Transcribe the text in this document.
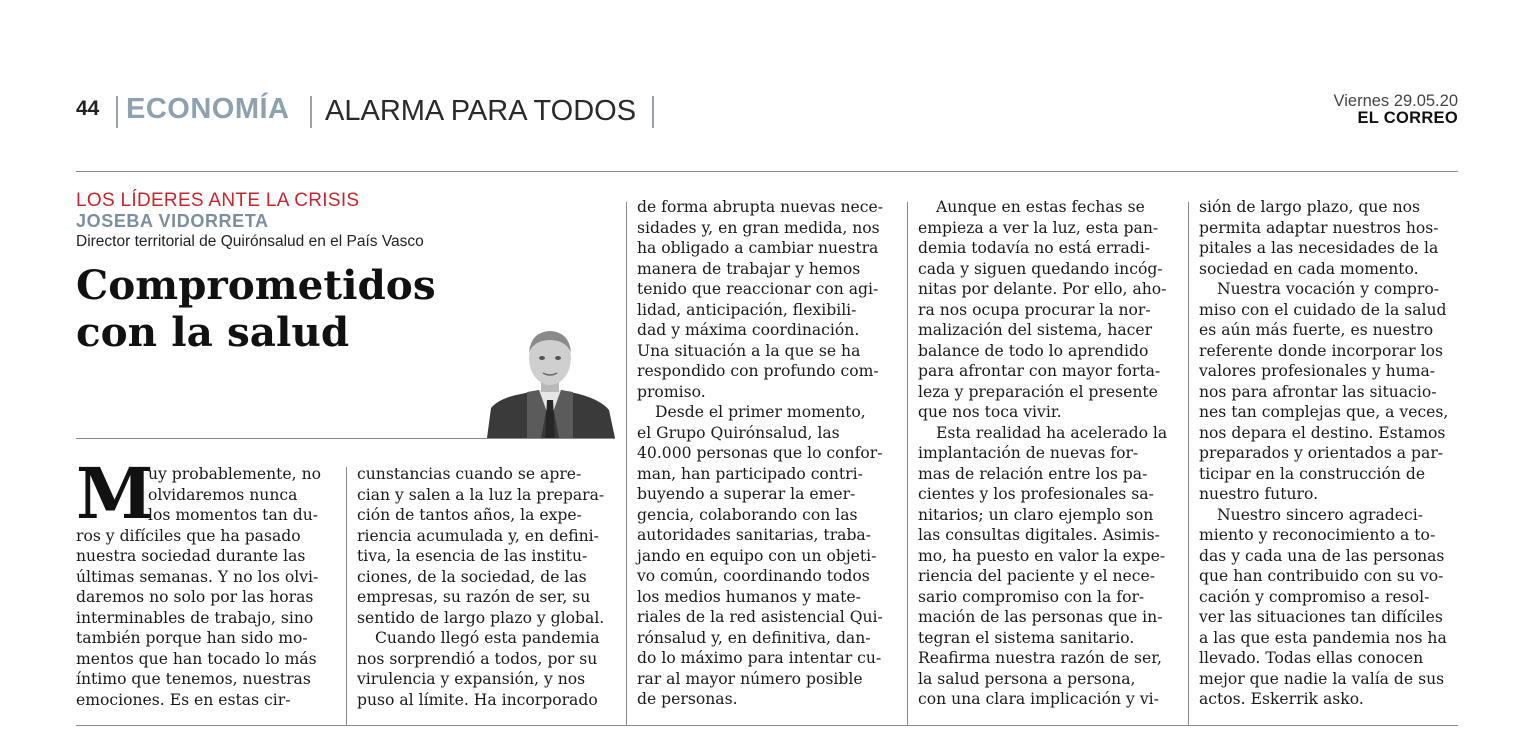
44 ECONOMÍA ALARMA PARA TODOS	Viernes 29.05.20
EL CORREO
LOS LÍDERES ANTE LA CRISIS
JOSEBA VIDORRETA
Director territorial de Quirónsalud en el País Vasco
Comprometidos
con la salud
M
uy probablemente, no
olvidaremos nunca
los momentos tan du-
ros y difíciles que ha pasado
nuestra sociedad durante las
últimas semanas. Y no los olvi-
daremos no solo por las horas
interminables de trabajo, sino
también porque han sido mo-
mentos que han tocado lo más
íntimo que tenemos, nuestras
emociones. Es en estas cir-
cunstancias cuando se apre-
cian y salen a la luz la prepara-
ción de tantos años, la expe-
riencia acumulada y, en defini-
tiva, la esencia de las institu-
ciones, de la sociedad, de las
empresas, su razón de ser, su
sentido de largo plazo y global.
Cuando llegó esta pandemia
nos sorprendió a todos, por su
virulencia y expansión, y nos
puso al límite. Ha incorporado
de forma abrupta nuevas nece-
sidades y, en gran medida, nos
ha obligado a cambiar nuestra
manera de trabajar y hemos
tenido que reaccionar con agi-
lidad, anticipación, flexibili-
dad y máxima coordinación.
Una situación a la que se ha
respondido con profundo com-
promiso.
Desde el primer momento,
el Grupo Quirónsalud, las
40.000 personas que lo confor-
man, han participado contri-
buyendo a superar la emer-
gencia, colaborando con las
autoridades sanitarias, traba-
jando en equipo con un objeti-
vo común, coordinando todos
los medios humanos y mate-
riales de la red asistencial Qui-
rónsalud y, en definitiva, dan-
do lo máximo para intentar cu-
rar al mayor número posible
de personas.
Aunque en estas fechas se
empieza a ver la luz, esta pan-
demia todavía no está erradi-
cada y siguen quedando incóg-
nitas por delante. Por ello, aho-
ra nos ocupa procurar la nor-
malización del sistema, hacer
balance de todo lo aprendido
para afrontar con mayor forta-
leza y preparación el presente
que nos toca vivir.
Esta realidad ha acelerado la
implantación de nuevas for-
mas de relación entre los pa-
cientes y los profesionales sa-
nitarios; un claro ejemplo son
las consultas digitales. Asimis-
mo, ha puesto en valor la expe-
riencia del paciente y el nece-
sario compromiso con la for-
mación de las personas que in-
tegran el sistema sanitario.
Reafirma nuestra razón de ser,
la salud persona a persona,
con una clara implicación y vi-
sión de largo plazo, que nos
permita adaptar nuestros hos-
pitales a las necesidades de la
sociedad en cada momento.
Nuestra vocación y compro-
miso con el cuidado de la salud
es aún más fuerte, es nuestro
referente donde incorporar los
valores profesionales y huma-
nos para afrontar las situacio-
nes tan complejas que, a veces,
nos depara el destino. Estamos
preparados y orientados a par-
ticipar en la construcción de
nuestro futuro.
Nuestro sincero agradeci-
miento y reconocimiento a to-
das y cada una de las personas
que han contribuido con su vo-
cación y compromiso a resol-
ver las situaciones tan difíciles
a las que esta pandemia nos ha
llevado. Todas ellas conocen
mejor que nadie la valía de sus
actos. Eskerrik asko.
